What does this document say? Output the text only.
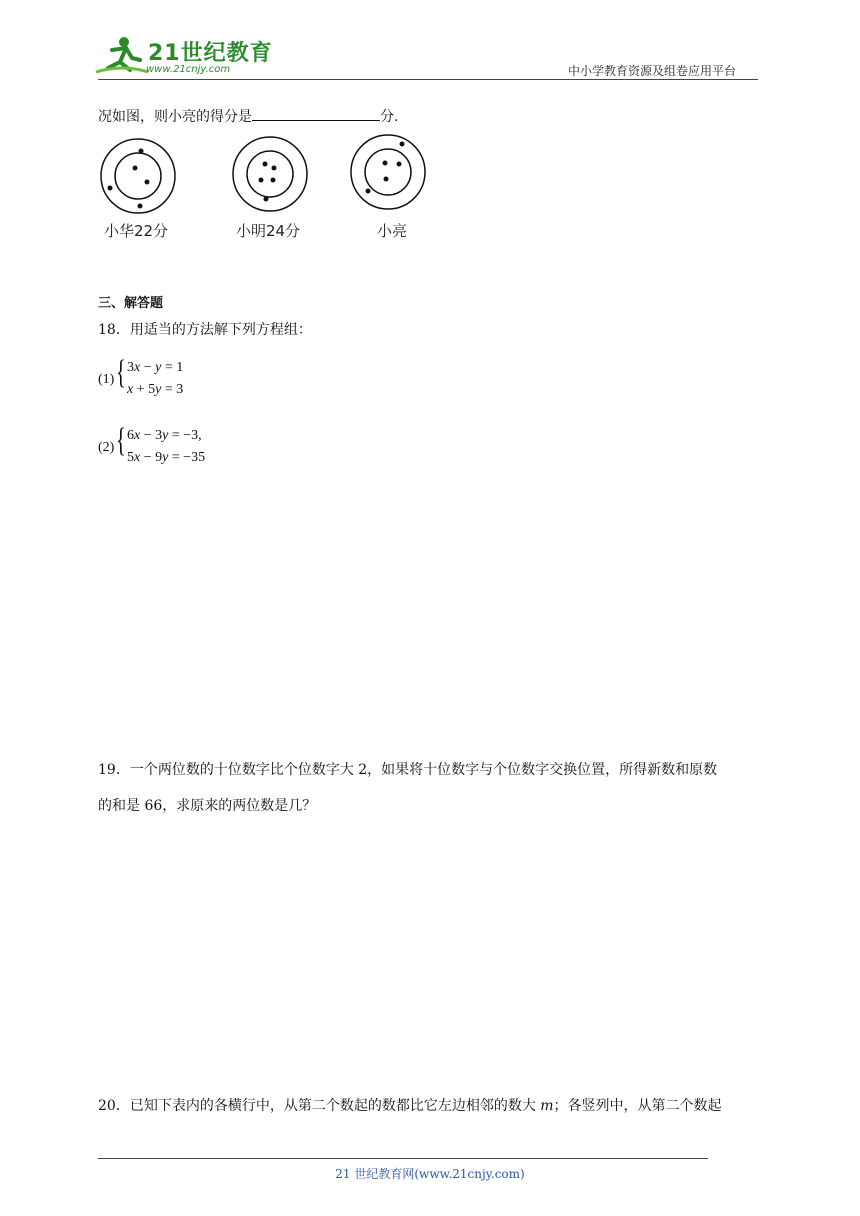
21世纪教育
www.21cnjy.com	中小学教育资源及组卷应用平台
况如图，则小亮的得分是	分.
小华22分	小明24分	小亮
三、解答题
18．用适当的方法解下列方程组：
(1) { 3x − y = 1
x + 5y = 3
(2) { 6x − 3y = −3,
5x − 9y = −35
19．一个两位数的十位数字比个位数字大 2，如果将十位数字与个位数字交换位置，所得新数和原数
的和是 66，求原来的两位数是几？
20．已知下表内的各横行中，从第二个数起的数都比它左边相邻的数大 m；各竖列中，从第二个数起
21 世纪教育网(www.21cnjy.com)
